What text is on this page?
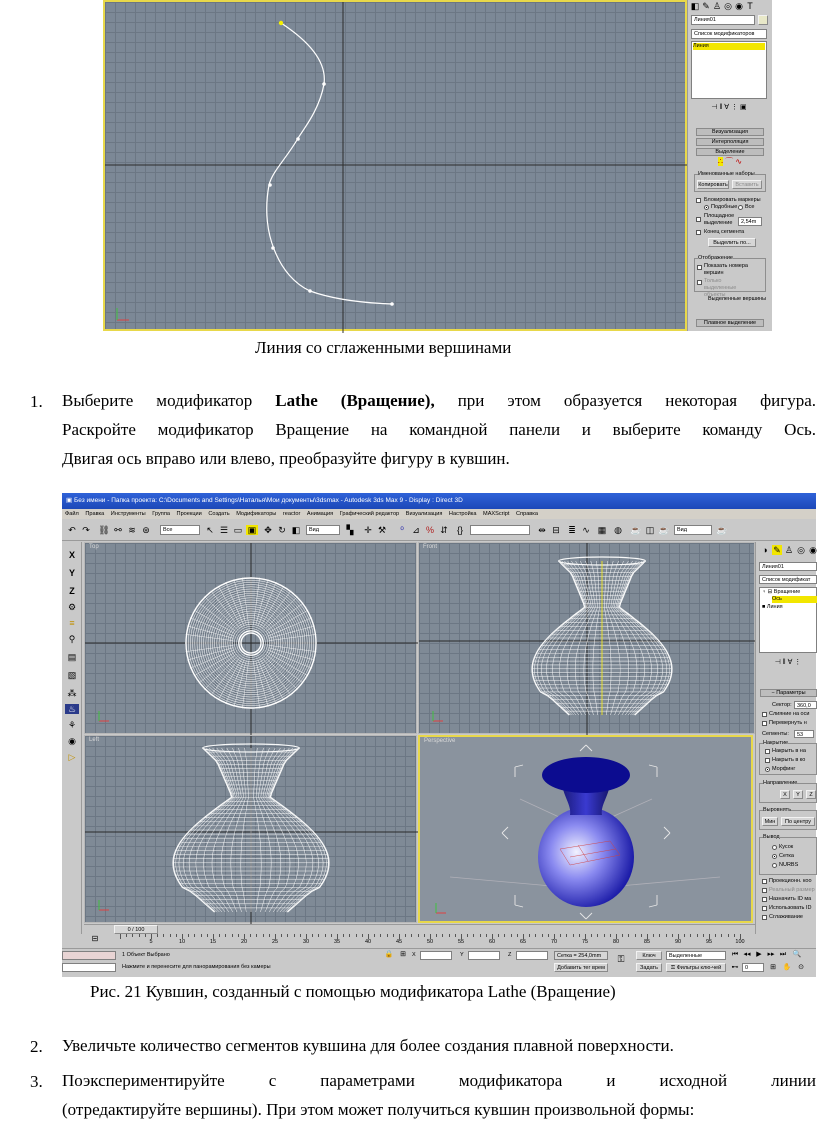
◧ ✎ ♙ ◎ ◉ T
Линия01
Список модификаторов
Линия
⊣ ‖ ∀ ⋮ ▣
Визуализация
Интерполяция
Выделение
∴ ⌒ ∿
Именованные наборы
Копировать	Вставить
Блокировать маркеры
Подобные Все
Площадное выделение	2,54m
Конец сегмента
Выделить по...
Отображение
Показать номера вершин
Только выделенные объекты
Выделенные вершины
Плавное выделение
Линия со сглаженными вершинами
1. Выберите модификатор Lathe (Вращение), при этом образуется некоторая фигура.
Раскройте модификатор Вращение на командной панели и выберите команду Ось.
Двигая ось вправо или влево, преобразуйте фигуру в кувшин.
▣ Без имени - Папка проекта: C:\Documents and Settings\Наталья\Мои документы\3dsmax - Autodesk 3ds Max 9 - Display : Direct 3D
Файл Правка Инструменты Группа Проекции Создать Модификаторы reactor Анимация Графический редактор Визуализация Настройка MAXScript Справка
↶ ↷ ⛓ ⚯ ≋ ⊛	Все	↖ ☰ ▭ ▣ ✥ ↻ ◧	Вид	▚ ✛ ⚒	⁰ ⊿ % ⇵	{}	⇹ ⊟ ≣ ∿ ▦ ◍ ☕ ◫ ☕	Вид	☕
X
Y
Z
⚙
≡
⚲
▤
▧
⁂
♨
⚘
◉
▷
Top	Front
Left	Perspective
◑ ✎ ♙ ◎ ◉
Линия01
Список модификат
♀ ⊟ Вращение
Ось
■ Линия
⊣ ‖ ∀ ⋮
− Параметры
Сектор: 360,0
Слияние на оси
Перевернуть н
Сегменты:	53
Накрытие
Накрыть в на
Накрыть в ко
Морфинг
Направление
X	Y	Z
Выровнять
Мин	По центру
Вывод
Кусок
Сетка
NURBS
Проекционн. коо
Реальный размер
Назначить ID ма
Использовать ID
Сглаживание
0 / 100
5	10	15	20	25	30	35	40	45	50	55	60	65	70	75	80	85	90	95	100
⊟
1 Объект Выбрано
Нажмите и перенесите для панорамирования без камеры
🔒 ⊞	X	Y	Z	Сетка = 254,0mm
Добавить тег врем
⚿	Ключ
Задать
Выделенные
⚿ Фильтры клю-чей
⏮ ◂◂ ▶ ▸▸ ⏭ 🔍
⊷	0	⊞ ✋ ⊙
Рис. 21 Кувшин, созданный с помощью модификатора Lathe (Вращение)
2. Увеличьте количество сегментов кувшина для более создания плавной поверхности.
3. Поэкспериментируйте с параметрами модификатора и исходной линии
(отредактируйте вершины). При этом может получиться кувшин произвольной формы:
